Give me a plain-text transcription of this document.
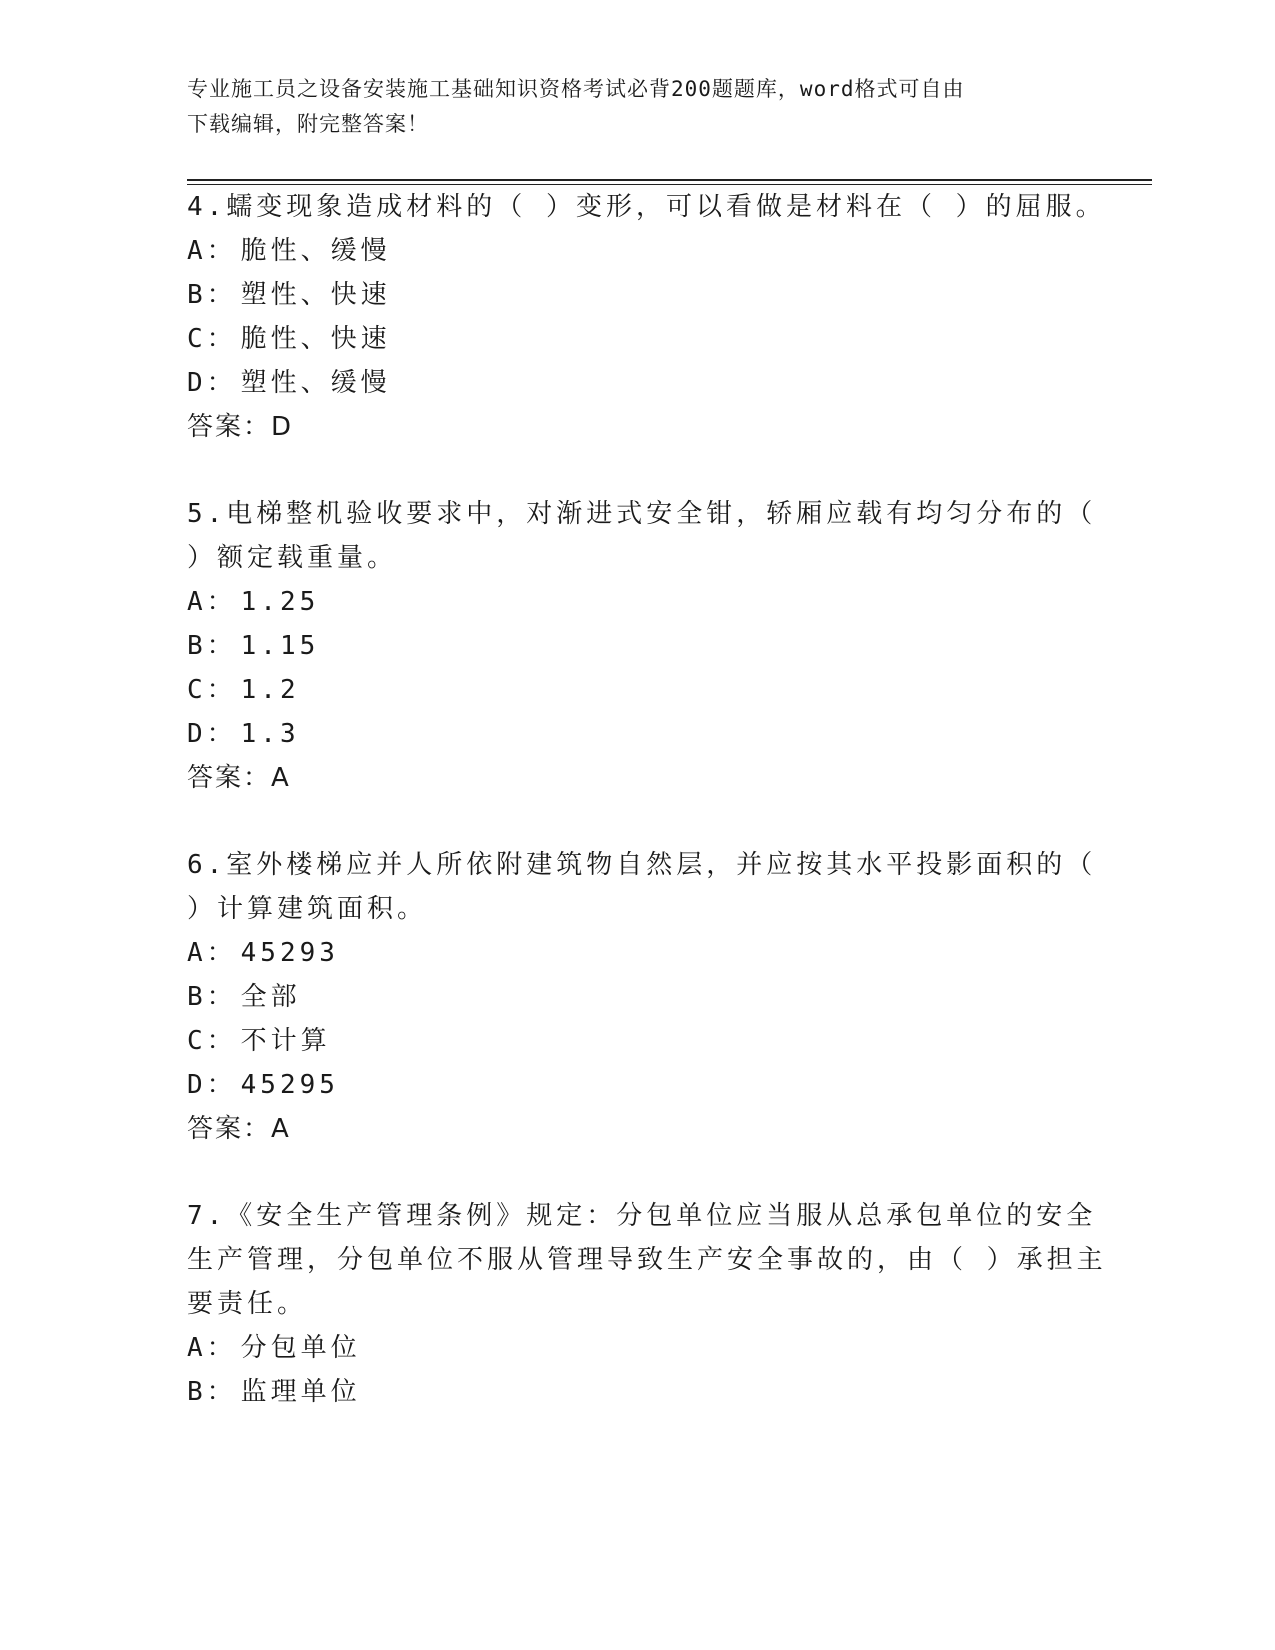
专业施工员之设备安装施工基础知识资格考试必背200题题库，word格式可自由
下载编辑，附完整答案！
4.蠕变现象造成材料的（ ）变形，可以看做是材料在（ ）的屈服。
A： 脆性、缓慢
B： 塑性、快速
C： 脆性、快速
D： 塑性、缓慢
答案：D
5.电梯整机验收要求中，对渐进式安全钳，轿厢应载有均匀分布的（
）额定载重量。
A： 1.25
B： 1.15
C： 1.2
D： 1.3
答案：A
6.室外楼梯应并人所依附建筑物自然层，并应按其水平投影面积的（
）计算建筑面积。
A： 45293
B： 全部
C： 不计算
D： 45295
答案：A
7.《安全生产管理条例》规定：分包单位应当服从总承包单位的安全
生产管理，分包单位不服从管理导致生产安全事故的，由（ ）承担主
要责任。
A： 分包单位
B： 监理单位
